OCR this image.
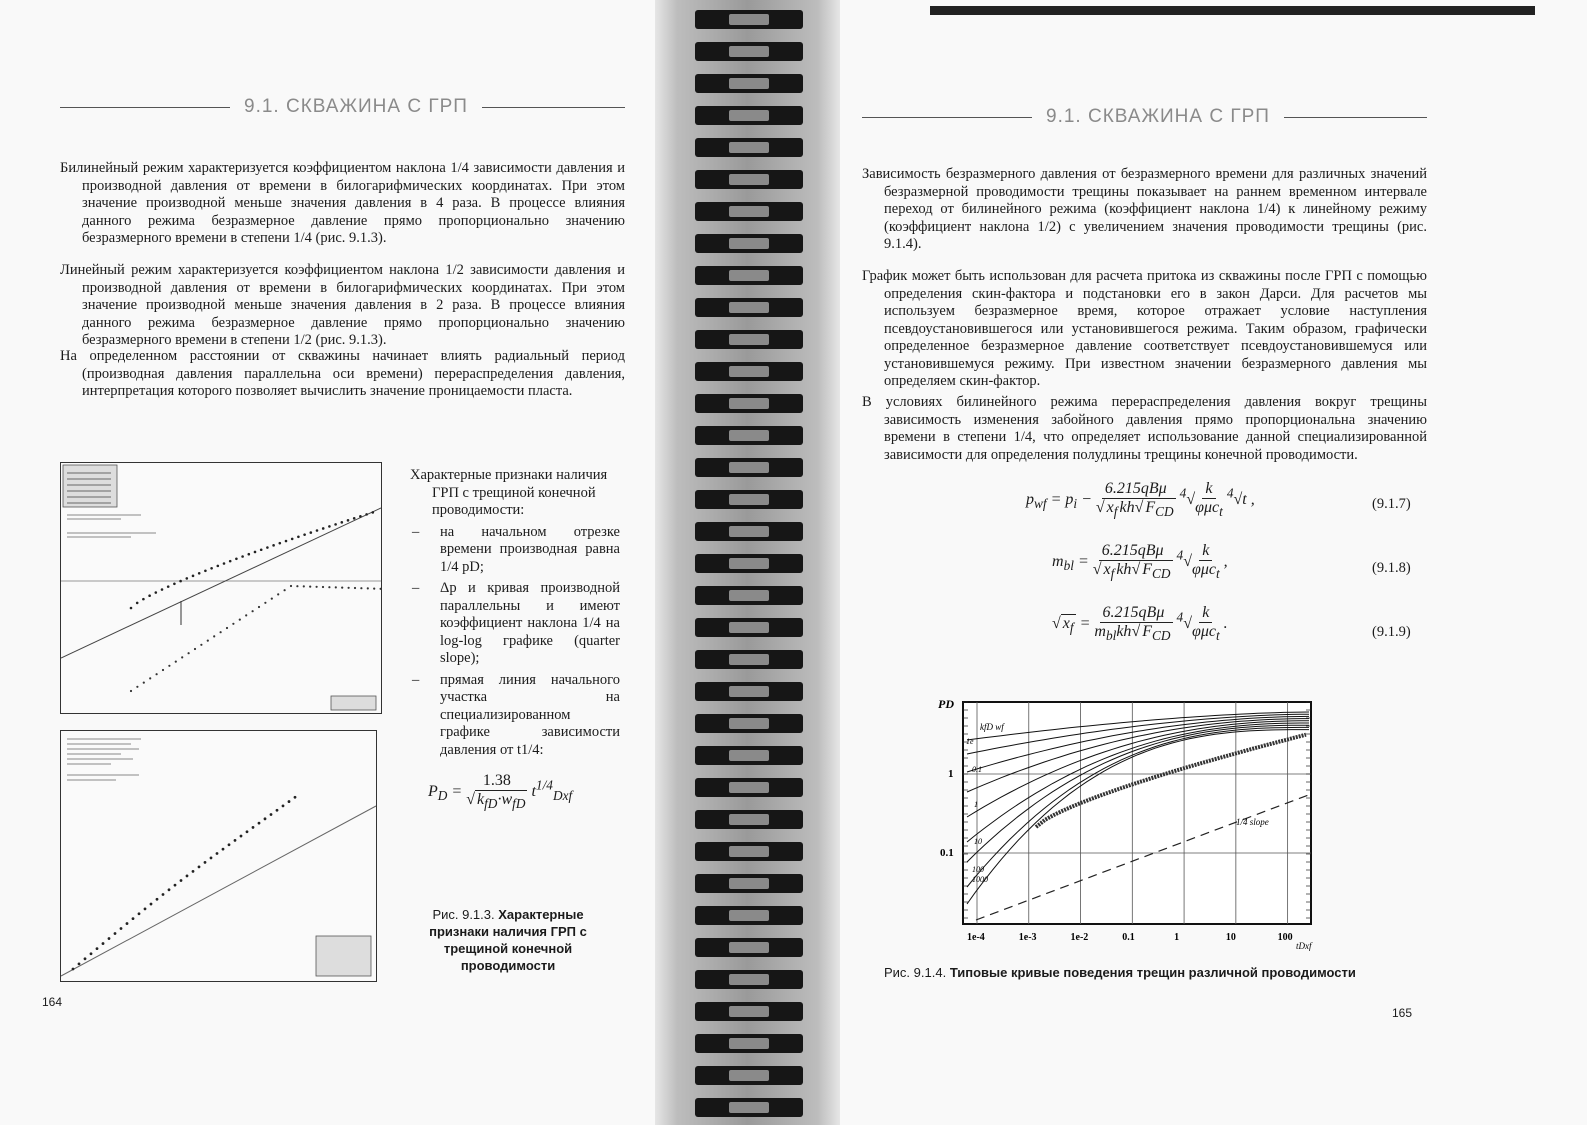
9.1. СКВАЖИНА С ГРП

Билинейный режим характеризуется коэффициентом наклона 1/4 зависимости давления и производной давления от времени в билогарифмических координатах. При этом значение производной меньше значения давления в 4 раза. В процессе влияния данного режима безразмерное давление прямо пропорционально значению безразмерного времени в степени 1/4 (рис. 9.1.3).

Линейный режим характеризуется коэффициентом наклона 1/2 зависимости давления и производной давления от времени в билогарифмических координатах. При этом значение производной меньше значения давления в 2 раза. В процессе влияния данного режима безразмерное давление прямо пропорционально значению безразмерного времени в степени 1/2 (рис. 9.1.3).

На определенном расстоянии от скважины начинает влиять радиальный период (производная давления параллельна оси времени) перераспределения давления, интерпретация которого позволяет вычислить значение проницаемости пласта.

Характерные признаки наличия ГРП с трещиной конечной проводимости:

– на начальном отрезке времени производная равна 1/4 pD;
– Δp и кривая производной параллельны и имеют коэффициент наклона 1/4 на log-log графике (quarter slope);
– прямая линия начального участка на специализированном графике зависимости давления от t1/4:
$P_D = \frac{1.38}{√ k_{fD}\cdot w_{fD}} t^{1/4}_{Dxf}$
Рис. 9.1.3. Характерные признаки наличия ГРП с трещиной конечной проводимости
164
9.1. СКВАЖИНА С ГРП

Зависимость безразмерного давления от безразмерного времени для различных значений безразмерной проводимости трещины показывает на раннем временном интервале переход от билинейного режима (коэффициент наклона 1/4) к линейному режиму (коэффициент наклона 1/2) с увеличением значения проводимости трещины (рис. 9.1.4).

График может быть использован для расчета притока из скважины после ГРП с помощью определения скин-фактора и подстановки его в закон Дарси. Для расчетов мы используем безразмерное время, которое отражает условие наступления псевдоустановившегося или установившегося режима. Таким образом, графически определенное безразмерное давление соответствует псевдоустановившемуся или установившемуся режиму. При известном значении безразмерного давления мы определяем скин-фактор.

В условиях билинейного режима перераспределения давления вокруг трещины зависимость изменения забойного давления прямо пропорциональна значению времени в степени 1/4, что определяет использование данной специализированной зависимости для определения полудлины трещины конечной проводимости.

$p_{wf} = p_i - \frac{\text{6.215qBμ}}{√ x_f kh√ F_{CD}} ^4√ \frac{k}{\varphi\mu c_t} ^4√t$ ,	(9.1.7)
$m_{bl} = \frac{\text{6.215qBμ}}{√ x_f kh√ F_{CD}} ^4√ \frac{k}{\varphi\mu c_t}$ ,	(9.1.8)
√ $x_f = \frac{\text{6.215qBμ}}{m_{bl}kh√ F_{CD}} ^4√ \frac{k}{\varphi\mu c_t}$ .
(9.1.9)
PD
1
0.1
1e-4	1e-3	1e-2	0.1	1	10	100
tDxf
1/4 slope
kfD wf
1e
0.1
1
10
100
1000
Рис. 9.1.4. Типовые кривые поведения трещин различной проводимости
165
